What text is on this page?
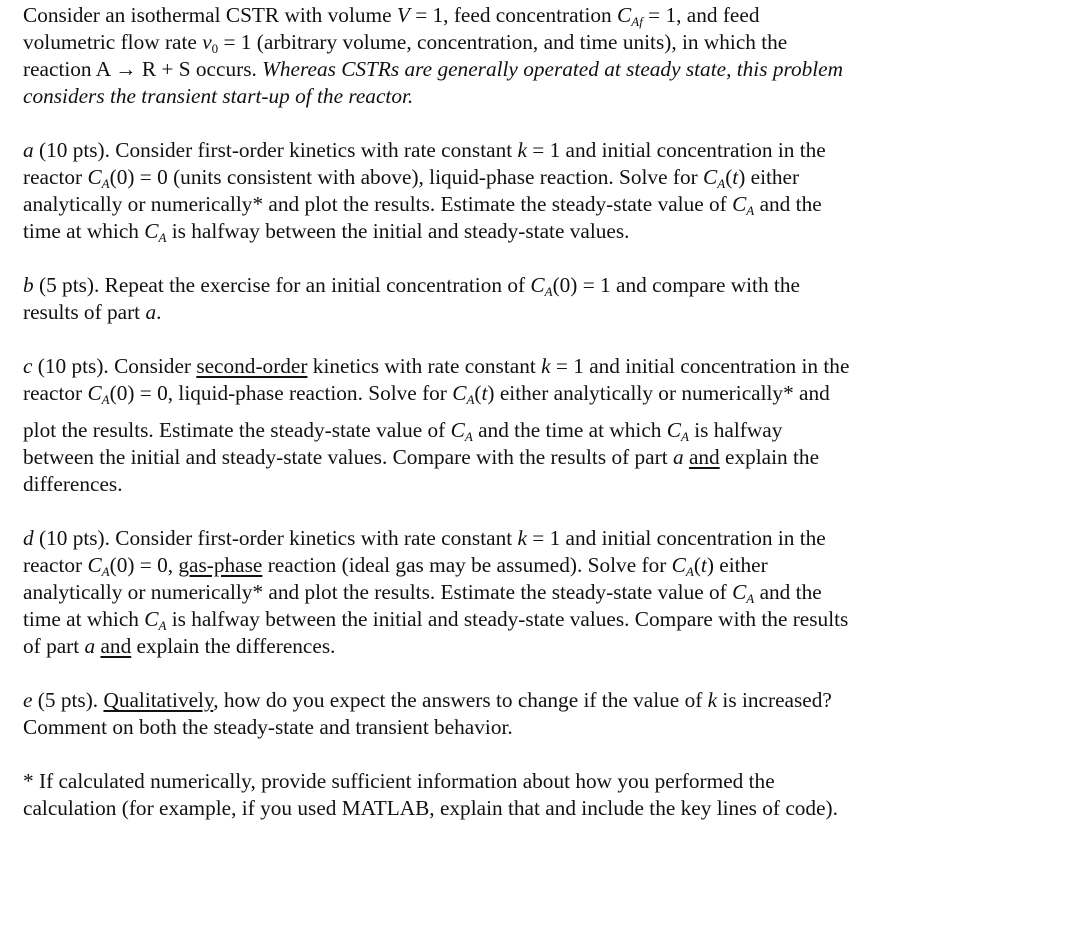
Consider an isothermal CSTR with volume V = 1, feed concentration $C_{Af} = 1$, and feed
volumetric flow rate $v_0 = 1$ (arbitrary volume, concentration, and time units), in which the
reaction A → R + S occurs. Whereas CSTRs are generally operated at steady state, this problem
considers the transient start-up of the reactor.
a (10 pts). Consider first-order kinetics with rate constant k = 1 and initial concentration in the
reactor $C_A(0) = 0$ (units consistent with above), liquid-phase reaction. Solve for $C_A(t)$ either
analytically or numerically* and plot the results. Estimate the steady-state value of $C_A$ and the
time at which $C_A$ is halfway between the initial and steady-state values.
b (5 pts). Repeat the exercise for an initial concentration of $C_A(0) = 1$ and compare with the
results of part a.
c (10 pts). Consider second-order kinetics with rate constant k = 1 and initial concentration in the
reactor $C_A(0) = 0$, liquid-phase reaction. Solve for $C_A(t)$ either analytically or numerically* and
plot the results. Estimate the steady-state value of $C_A$ and the time at which $C_A$ is halfway
between the initial and steady-state values. Compare with the results of part a and explain the
differences.
d (10 pts). Consider first-order kinetics with rate constant k = 1 and initial concentration in the
reactor $C_A(0) = 0$, gas-phase reaction (ideal gas may be assumed). Solve for $C_A(t)$ either
analytically or numerically* and plot the results. Estimate the steady-state value of $C_A$ and the
time at which $C_A$ is halfway between the initial and steady-state values. Compare with the results
of part a and explain the differences.
e (5 pts). Qualitatively, how do you expect the answers to change if the value of k is increased?
Comment on both the steady-state and transient behavior.
* If calculated numerically, provide sufficient information about how you performed the
calculation (for example, if you used MATLAB, explain that and include the key lines of code).
